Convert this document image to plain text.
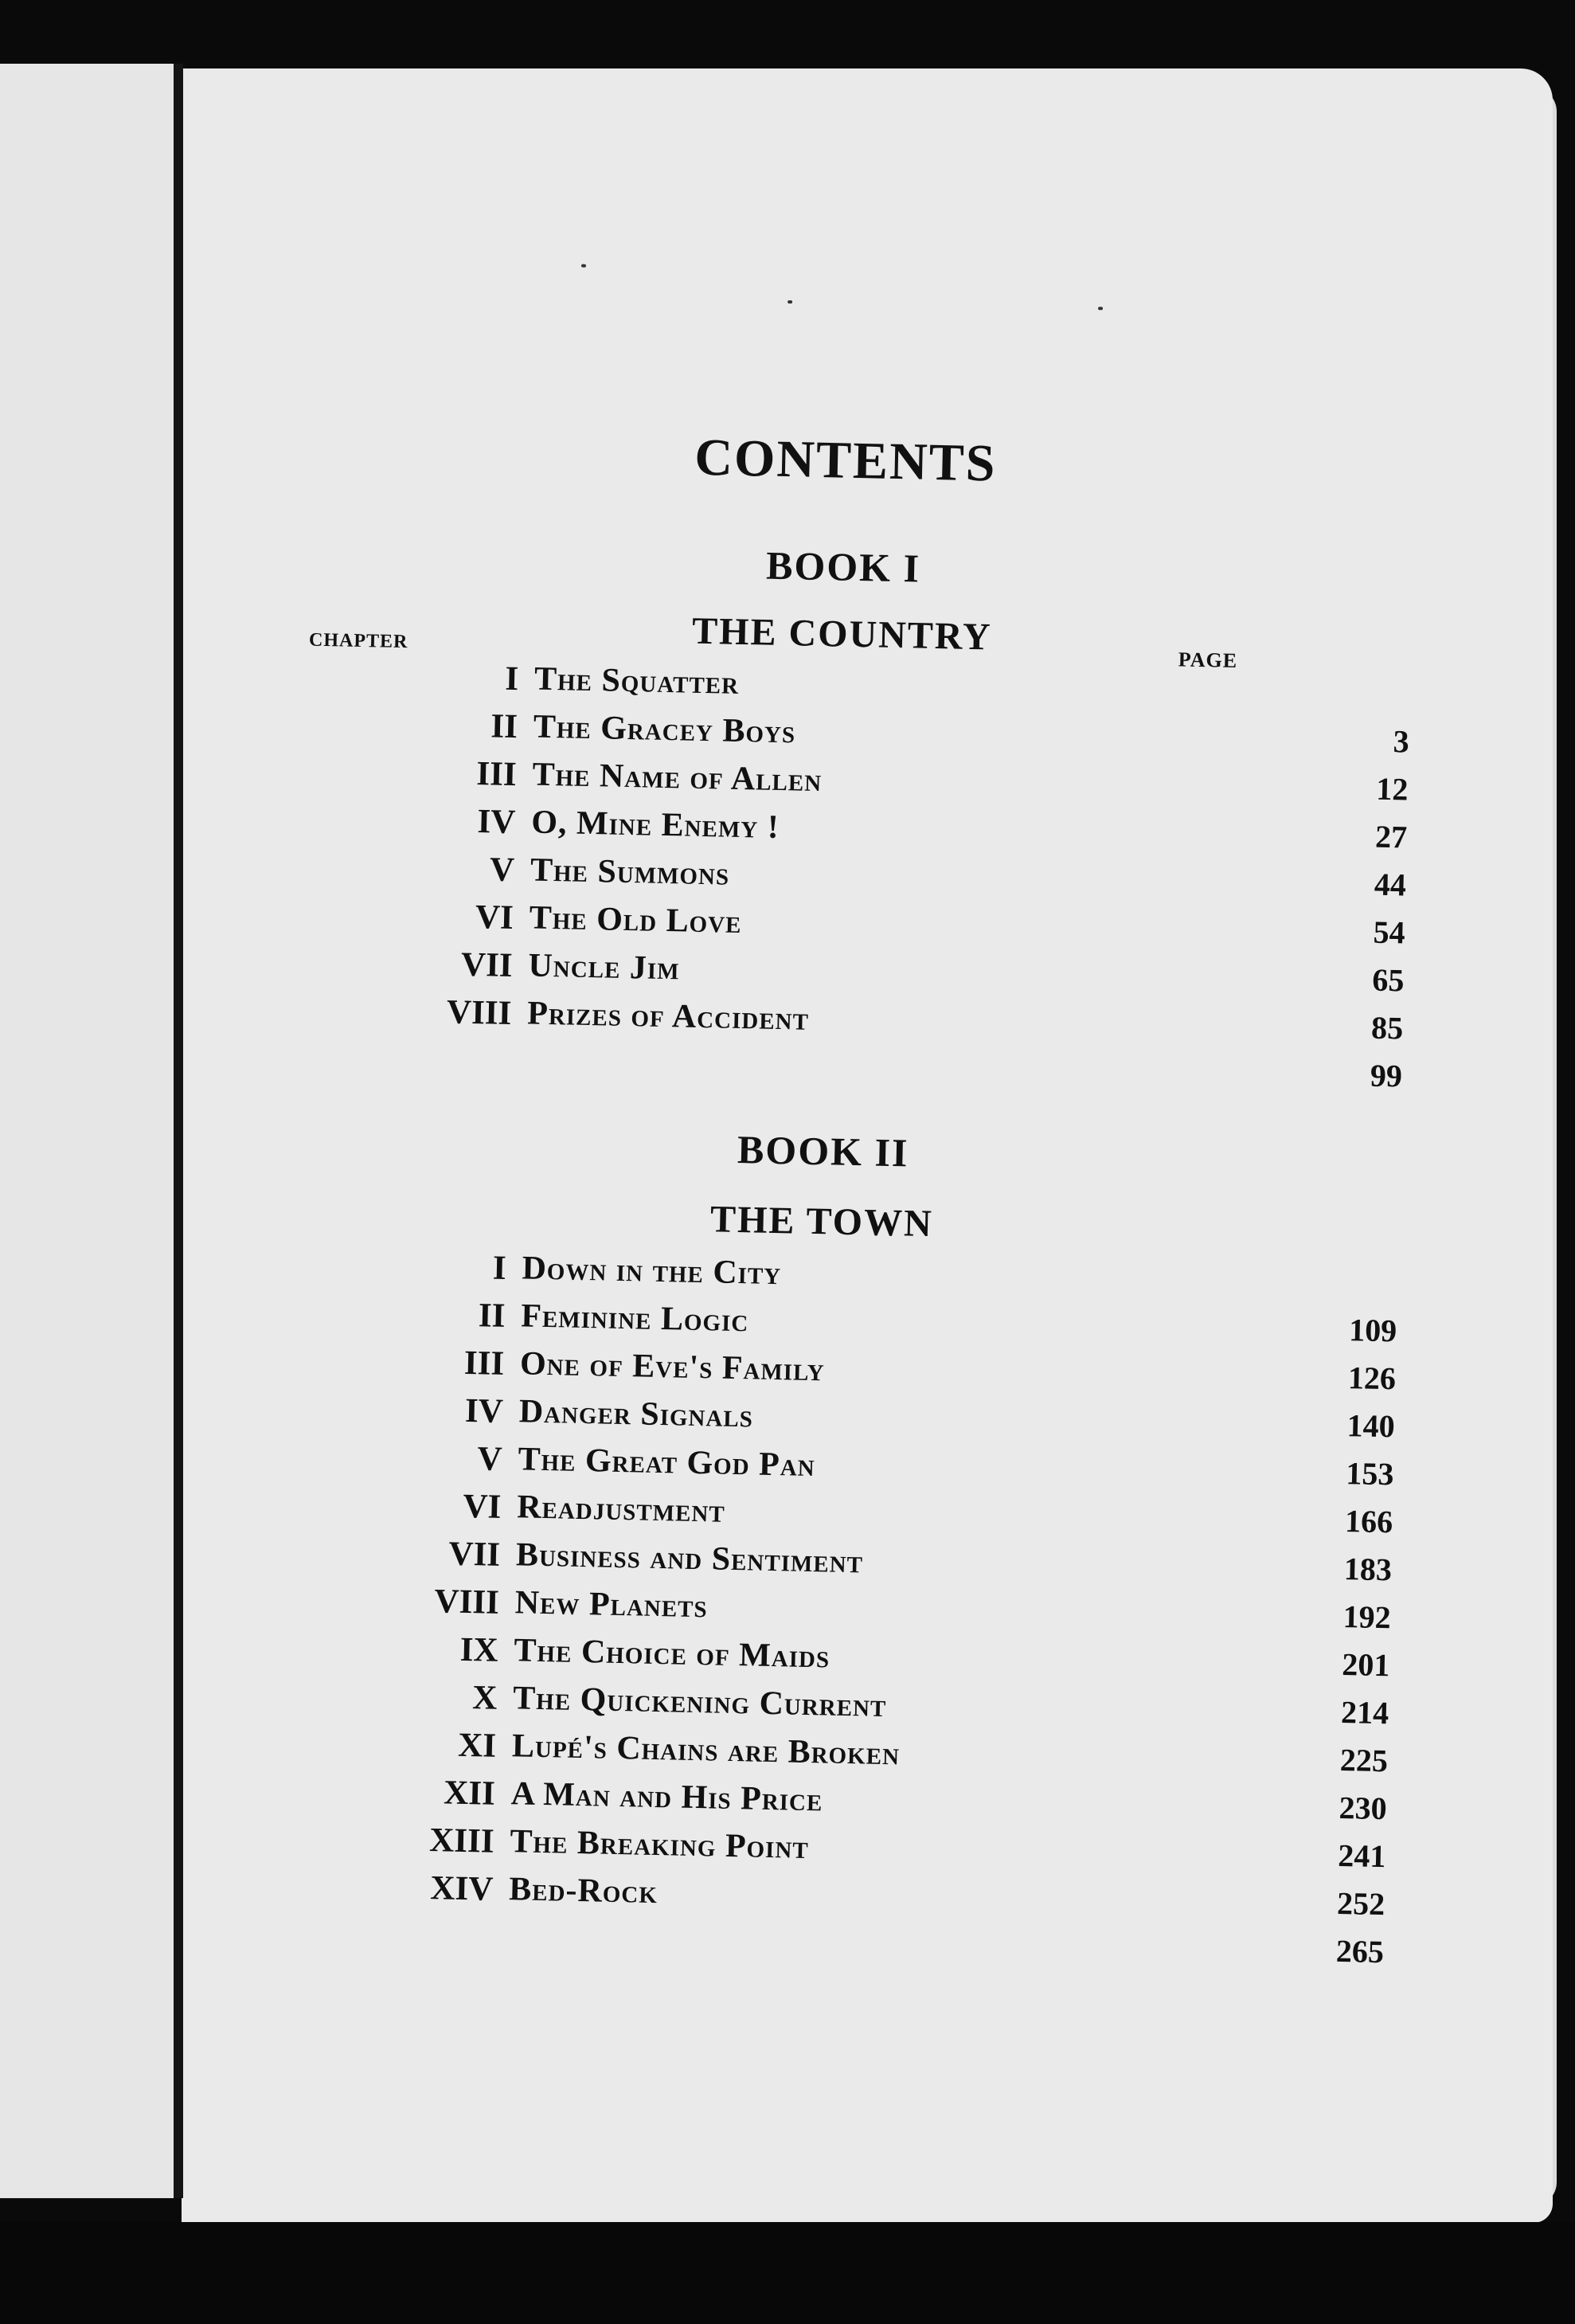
CONTENTS
BOOK I
THE COUNTRY
CHAPTER
PAGE
I The Squatter
II The Gracey Boys
III The Name of Allen
IV O, Mine Enemy !
V The Summons
VI The Old Love
VII Uncle Jim
VIII Prizes of Accident
3
12
27
44
54
65
85
99
BOOK II
THE TOWN
I Down in the City
II Feminine Logic
III One of Eve's Family
IV Danger Signals
V The Great God Pan
VI Readjustment
VII Business and Sentiment
VIII New Planets
IX The Choice of Maids
X The Quickening Current
XI Lupé's Chains are Broken
XII A Man and His Price
XIII The Breaking Point
XIV Bed-Rock
109
126
140
153
166
183
192
201
214
225
230
241
252
265
